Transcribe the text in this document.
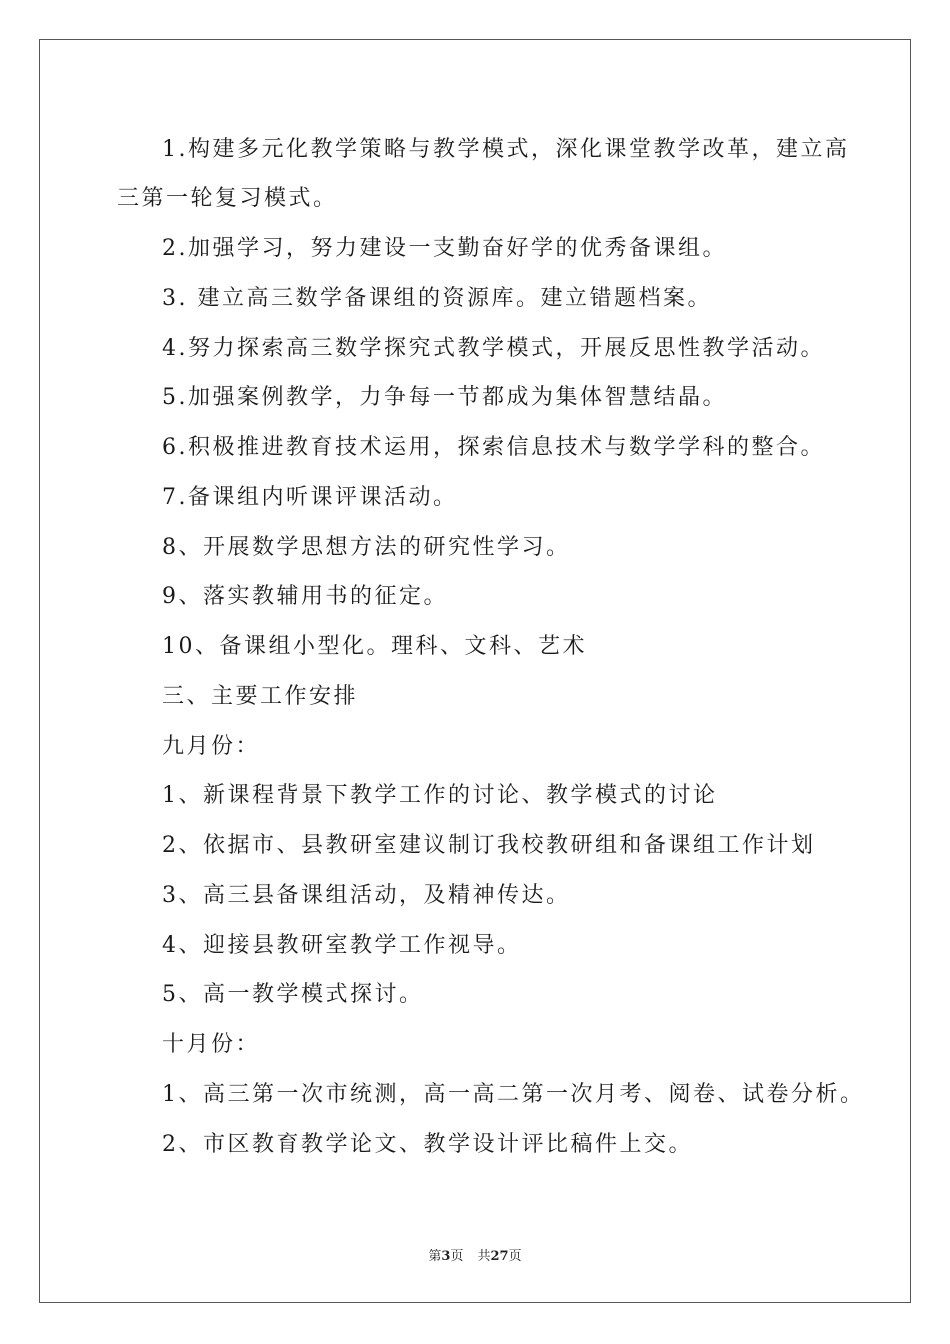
1.构建多元化教学策略与教学模式，深化课堂教学改革，建立高
三第一轮复习模式。
2.加强学习，努力建设一支勤奋好学的优秀备课组。
3. 建立高三数学备课组的资源库。建立错题档案。
4.努力探索高三数学探究式教学模式，开展反思性教学活动。
5.加强案例教学，力争每一节都成为集体智慧结晶。
6.积极推进教育技术运用，探索信息技术与数学学科的整合。
7.备课组内听课评课活动。
8、开展数学思想方法的研究性学习。
9、落实教辅用书的征定。
10、备课组小型化。理科、文科、艺术
三、主要工作安排
九月份：
1、新课程背景下教学工作的讨论、教学模式的讨论
2、依据市、县教研室建议制订我校教研组和备课组工作计划
3、高三县备课组活动，及精神传达。
4、迎接县教研室教学工作视导。
5、高一教学模式探讨。
十月份：
1、高三第一次市统测，高一高二第一次月考、阅卷、试卷分析。
2、市区教育教学论文、教学设计评比稿件上交。
第3页 共27页
